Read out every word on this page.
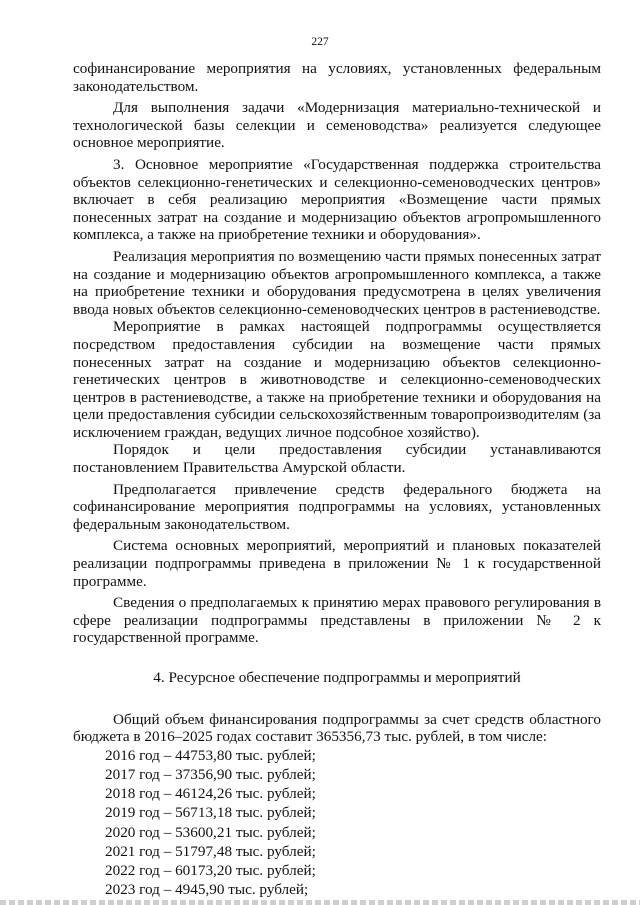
227

софинансирование мероприятия на условиях, установленных федеральным законодательством.

Для выполнения задачи «Модернизация материально-технической и технологической базы селекции и семеноводства» реализуется следующее основное мероприятие.

3. Основное мероприятие «Государственная поддержка строительства объектов селекционно-генетических и селекционно-семеноводческих центров» включает в себя реализацию мероприятия «Возмещение части прямых понесенных затрат на создание и модернизацию объектов агропромышленного комплекса, а также на приобретение техники и оборудования».

Реализация мероприятия по возмещению части прямых понесенных затрат на создание и модернизацию объектов агропромышленного комплекса, а также на приобретение техники и оборудования предусмотрена в целях увеличения ввода новых объектов селекционно-семеноводческих центров в растениеводстве.

Мероприятие в рамках настоящей подпрограммы осуществляется посредством предоставления субсидии на возмещение части прямых понесенных затрат на создание и модернизацию объектов селекционно-генетических центров в животноводстве и селекционно-семеноводческих центров в растениеводстве, а также на приобретение техники и оборудования на цели предоставления субсидии сельскохозяйственным товаропроизводителям (за исключением граждан, ведущих личное подсобное хозяйство).

Порядок и цели предоставления субсидии устанавливаются постановлением Правительства Амурской области.

Предполагается привлечение средств федерального бюджета на софинансирование мероприятия подпрограммы на условиях, установленных федеральным законодательством.

Система основных мероприятий, мероприятий и плановых показателей реализации подпрограммы приведена в приложении № 1 к государственной программе.

Сведения о предполагаемых к принятию мерах правового регулирования в сфере реализации подпрограммы представлены в приложении № 2 к государственной программе.

4. Ресурсное обеспечение подпрограммы и мероприятий

Общий объем финансирования подпрограммы за счет средств областного бюджета в 2016–2025 годах составит 365356,73 тыс. рублей, в том числе:

2016 год – 44753,80 тыс. рублей;
2017 год – 37356,90 тыс. рублей;
2018 год – 46124,26 тыс. рублей;
2019 год – 56713,18 тыс. рублей;
2020 год – 53600,21 тыс. рублей;
2021 год – 51797,48 тыс. рублей;
2022 год – 60173,20 тыс. рублей;
2023 год – 4945,90 тыс. рублей;
